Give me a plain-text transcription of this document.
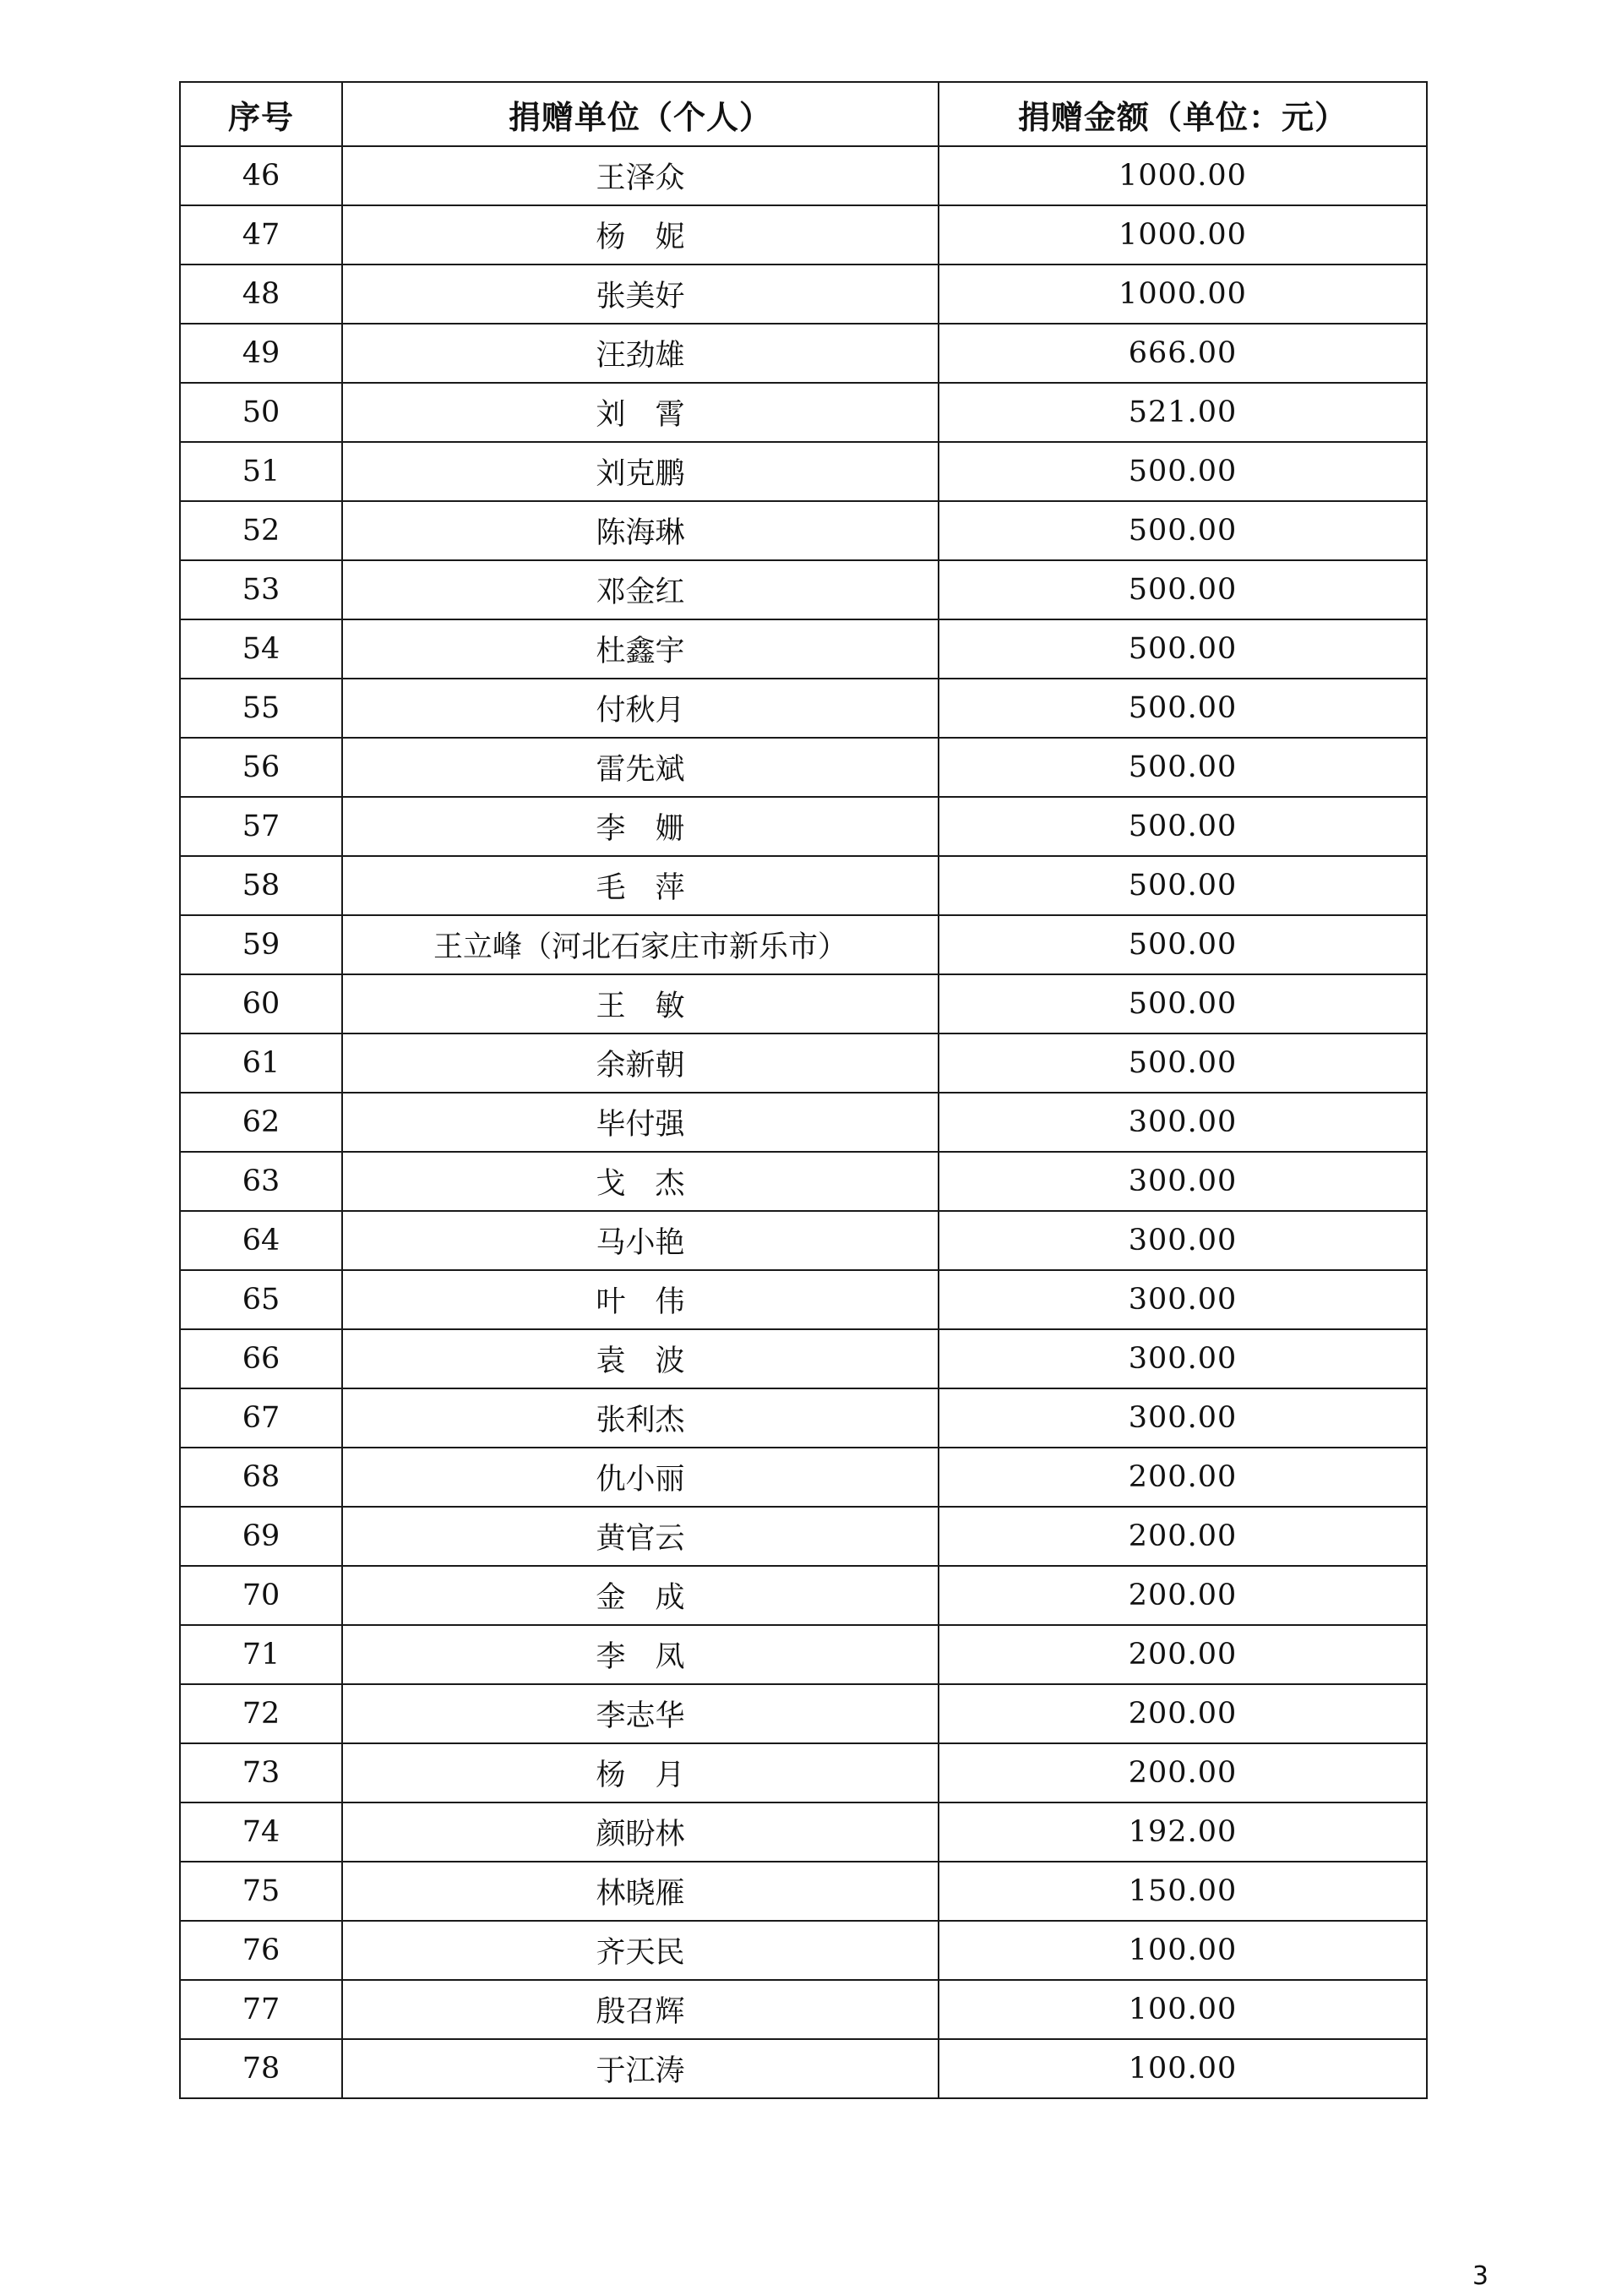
序号	捐赠单位（个人）	捐赠金额（单位：元）
46	王泽众	1000.00
47	杨　妮	1000.00
48	张美好	1000.00
49	汪劲雄	666.00
50	刘　霄	521.00
51	刘克鹏	500.00
52	陈海琳	500.00
53	邓金红	500.00
54	杜鑫宇	500.00
55	付秋月	500.00
56	雷先斌	500.00
57	李　姗	500.00
58	毛　萍	500.00
59	王立峰（河北石家庄市新乐市）	500.00
60	王　敏	500.00
61	余新朝	500.00
62	毕付强	300.00
63	戈　杰	300.00
64	马小艳	300.00
65	叶　伟	300.00
66	袁　波	300.00
67	张利杰	300.00
68	仇小丽	200.00
69	黄官云	200.00
70	金　成	200.00
71	李　凤	200.00
72	李志华	200.00
73	杨　月	200.00
74	颜盼林	192.00
75	林晓雁	150.00
76	齐天民	100.00
77	殷召辉	100.00
78	于江涛	100.00
3
